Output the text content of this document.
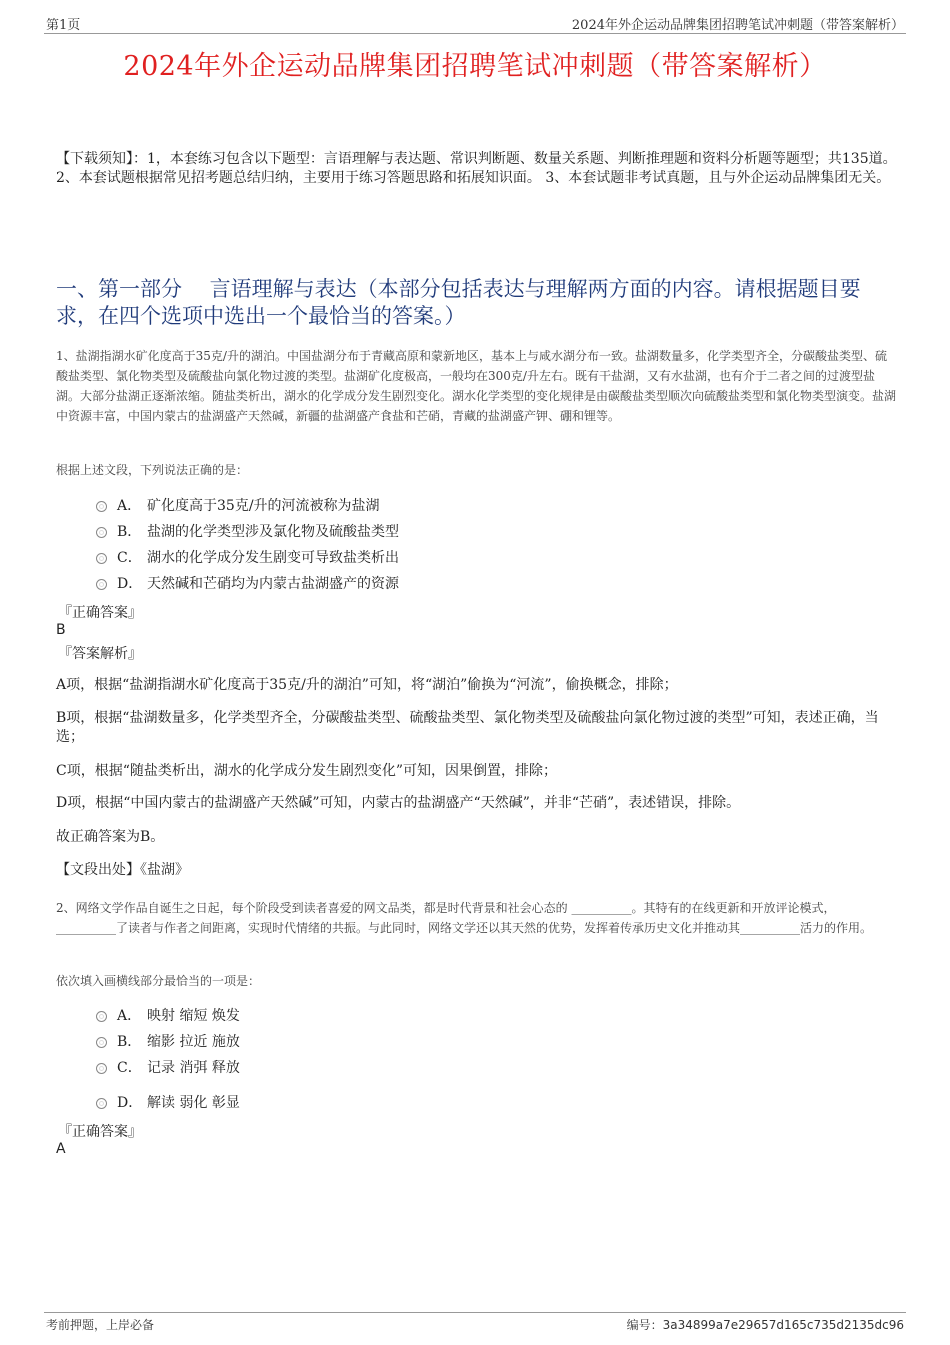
第1页	2024年外企运动品牌集团招聘笔试冲刺题（带答案解析）
2024年外企运动品牌集团招聘笔试冲刺题（带答案解析）
【下载须知】：1，本套练习包含以下题型：言语理解与表达题、常识判断题、数量关系题、判断推理题和资料分析题等题型；共135道。 2、本套试题根据常见招考题总结归纳，主要用于练习答题思路和拓展知识面。 3、本套试题非考试真题，且与外企运动品牌集团无关。
一、第一部分　 言语理解与表达（本部分包括表达与理解两方面的内容。请根据题目要求，在四个选项中选出一个最恰当的答案。）
1、盐湖指湖水矿化度高于35克/升的湖泊。中国盐湖分布于青藏高原和蒙新地区，基本上与咸水湖分布一致。盐湖数量多，化学类型齐全，分碳酸盐类型、硫酸盐类型、氯化物类型及硫酸盐向氯化物过渡的类型。盐湖矿化度极高，一般均在300克/升左右。既有干盐湖，又有水盐湖，也有介于二者之间的过渡型盐湖。大部分盐湖正逐渐浓缩。随盐类析出，湖水的化学成分发生剧烈变化。湖水化学类型的变化规律是由碳酸盐类型顺次向硫酸盐类型和氯化物类型演变。盐湖中资源丰富，中国内蒙古的盐湖盛产天然碱，新疆的盐湖盛产食盐和芒硝，青藏的盐湖盛产钾、硼和锂等。
根据上述文段，下列说法正确的是：
A． 矿化度高于35克/升的河流被称为盐湖
B． 盐湖的化学类型涉及氯化物及硫酸盐类型
C． 湖水的化学成分发生剧变可导致盐类析出
D． 天然碱和芒硝均为内蒙古盐湖盛产的资源
『正确答案』
B
『答案解析』
A项，根据“盐湖指湖水矿化度高于35克/升的湖泊”可知，将“湖泊”偷换为“河流”，偷换概念，排除；
B项，根据“盐湖数量多，化学类型齐全，分碳酸盐类型、硫酸盐类型、氯化物类型及硫酸盐向氯化物过渡的类型”可知，表述正确，当选；
C项，根据“随盐类析出，湖水的化学成分发生剧烈变化”可知，因果倒置，排除；
D项，根据“中国内蒙古的盐湖盛产天然碱”可知，内蒙古的盐湖盛产“天然碱”，并非“芒硝”，表述错误，排除。
故正确答案为B。
【文段出处】《盐湖》
2、网络文学作品自诞生之日起，每个阶段受到读者喜爱的网文品类，都是时代背景和社会心态的 __________。其特有的在线更新和开放评论模式， __________了读者与作者之间距离，实现时代情绪的共振。与此同时，网络文学还以其天然的优势，发挥着传承历史文化并推动其__________活力的作用。
依次填入画横线部分最恰当的一项是：
A． 映射 缩短 焕发
B． 缩影 拉近 施放
C． 记录 消弭 释放
D． 解读 弱化 彰显
『正确答案』
A
考前押题，上岸必备	编号：3a34899a7e29657d165c735d2135dc96
